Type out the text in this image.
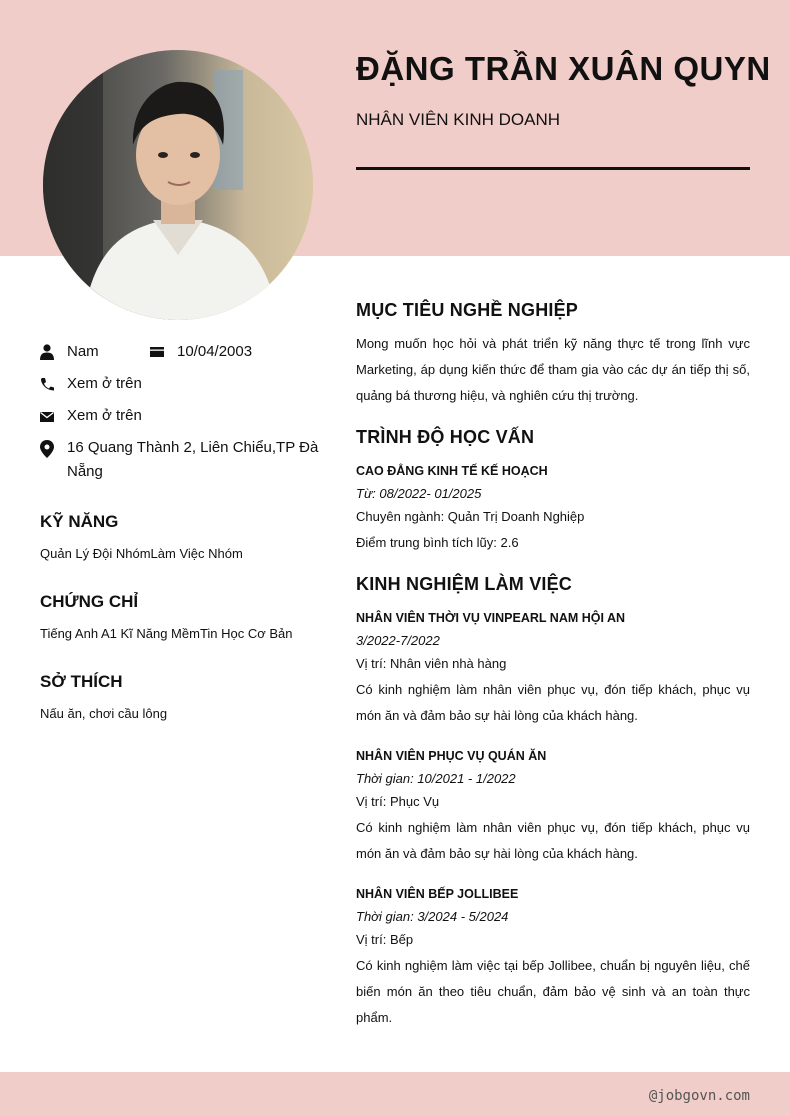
ĐẶNG TRẦN XUÂN QUYN
NHÂN VIÊN KINH DOANH
Nam	10/04/2003
Xem ở trên
Xem ở trên
16 Quang Thành 2, Liên Chiểu,TP Đà Nẵng
KỸ NĂNG
Quản Lý Đội NhómLàm Việc Nhóm
CHỨNG CHỈ
Tiếng Anh A1 Kĩ Năng MềmTin Học Cơ Bản
SỞ THÍCH
Nấu ăn, chơi cầu lông
MỤC TIÊU NGHỀ NGHIỆP
Mong muốn học hỏi và phát triển kỹ năng thực tế trong lĩnh vực Marketing, áp dụng kiến thức để tham gia vào các dự án tiếp thị số, quảng bá thương hiệu, và nghiên cứu thị trường.
TRÌNH ĐỘ HỌC VẤN
CAO ĐẲNG KINH TẾ KẾ HOẠCH
Từ: 08/2022- 01/2025
Chuyên ngành: Quản Trị Doanh Nghiệp
Điểm trung bình tích lũy: 2.6
KINH NGHIỆM LÀM VIỆC
NHÂN VIÊN THỜI VỤ VINPEARL NAM HỘI AN
3/2022-7/2022
Vị trí: Nhân viên nhà hàng
Có kinh nghiệm làm nhân viên phục vụ, đón tiếp khách, phục vụ món ăn và đảm bảo sự hài lòng của khách hàng.
NHÂN VIÊN PHỤC VỤ QUÁN ĂN
Thời gian: 10/2021 - 1/2022
Vị trí: Phục Vụ
Có kinh nghiệm làm nhân viên phục vụ, đón tiếp khách, phục vụ món ăn và đảm bảo sự hài lòng của khách hàng.
NHÂN VIÊN BẾP JOLLIBEE
Thời gian: 3/2024 - 5/2024
Vị trí: Bếp
Có kinh nghiệm làm việc tại bếp Jollibee, chuẩn bị nguyên liệu, chế biến món ăn theo tiêu chuẩn, đảm bảo vệ sinh và an toàn thực phẩm.
@jobgovn.com
